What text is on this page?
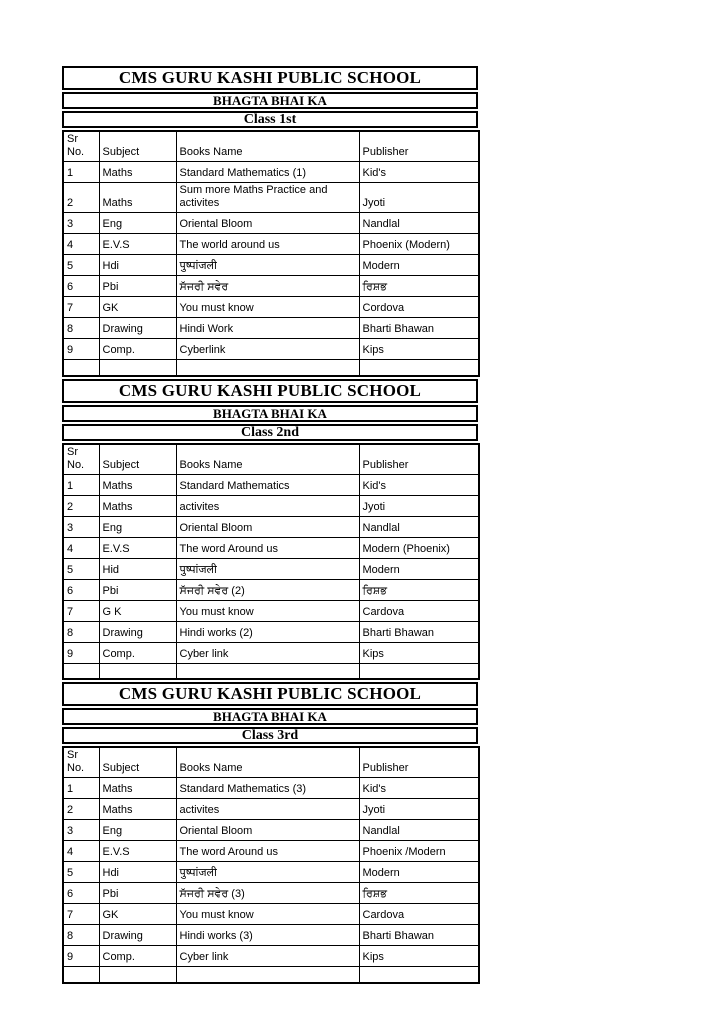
CMS GURU KASHI PUBLIC SCHOOL
BHAGTA BHAI KA
Class 1st
Sr No.	Subject	Books Name	Publisher
1	Maths	Standard Mathematics (1)	Kid's
2	Maths	Sum more Maths Practice and activites	Jyoti
3	Eng	Oriental Bloom	Nandlal
4	E.V.S	The world around us	Phoenix (Modern)
5	Hdi	पुष्पांजली	Modern
6	Pbi	ਸੱਜਰੀ ਸਵੇਰ	ਰਿਸ਼ਭ
7	GK	You must know	Cordova
8	Drawing	Hindi Work	Bharti Bhawan
9	Comp.	Cyberlink	Kips

CMS GURU KASHI PUBLIC SCHOOL
BHAGTA BHAI KA
Class 2nd
Sr No.	Subject	Books Name	Publisher
1	Maths	Standard Mathematics	Kid's
2	Maths	activites	Jyoti
3	Eng	Oriental Bloom	Nandlal
4	E.V.S	The word Around us	Modern (Phoenix)
5	Hid	पुष्पांजली	Modern
6	Pbi	ਸੱਜਰੀ ਸਵੇਰ (2)	ਰਿਸ਼ਭ
7	G K	You must know	Cardova
8	Drawing	Hindi works (2)	Bharti Bhawan
9	Comp.	Cyber link	Kips

CMS GURU KASHI PUBLIC SCHOOL
BHAGTA BHAI KA
Class 3rd
Sr No.	Subject	Books Name	Publisher
1	Maths	Standard Mathematics (3)	Kid's
2	Maths	activites	Jyoti
3	Eng	Oriental Bloom	Nandlal
4	E.V.S	The word Around us	Phoenix /Modern
5	Hdi	पुष्पांजली	Modern
6	Pbi	ਸੱਜਰੀ ਸਵੇਰ (3)	ਰਿਸ਼ਭ
7	GK	You must know	Cardova
8	Drawing	Hindi works (3)	Bharti Bhawan
9	Comp.	Cyber link	Kips
